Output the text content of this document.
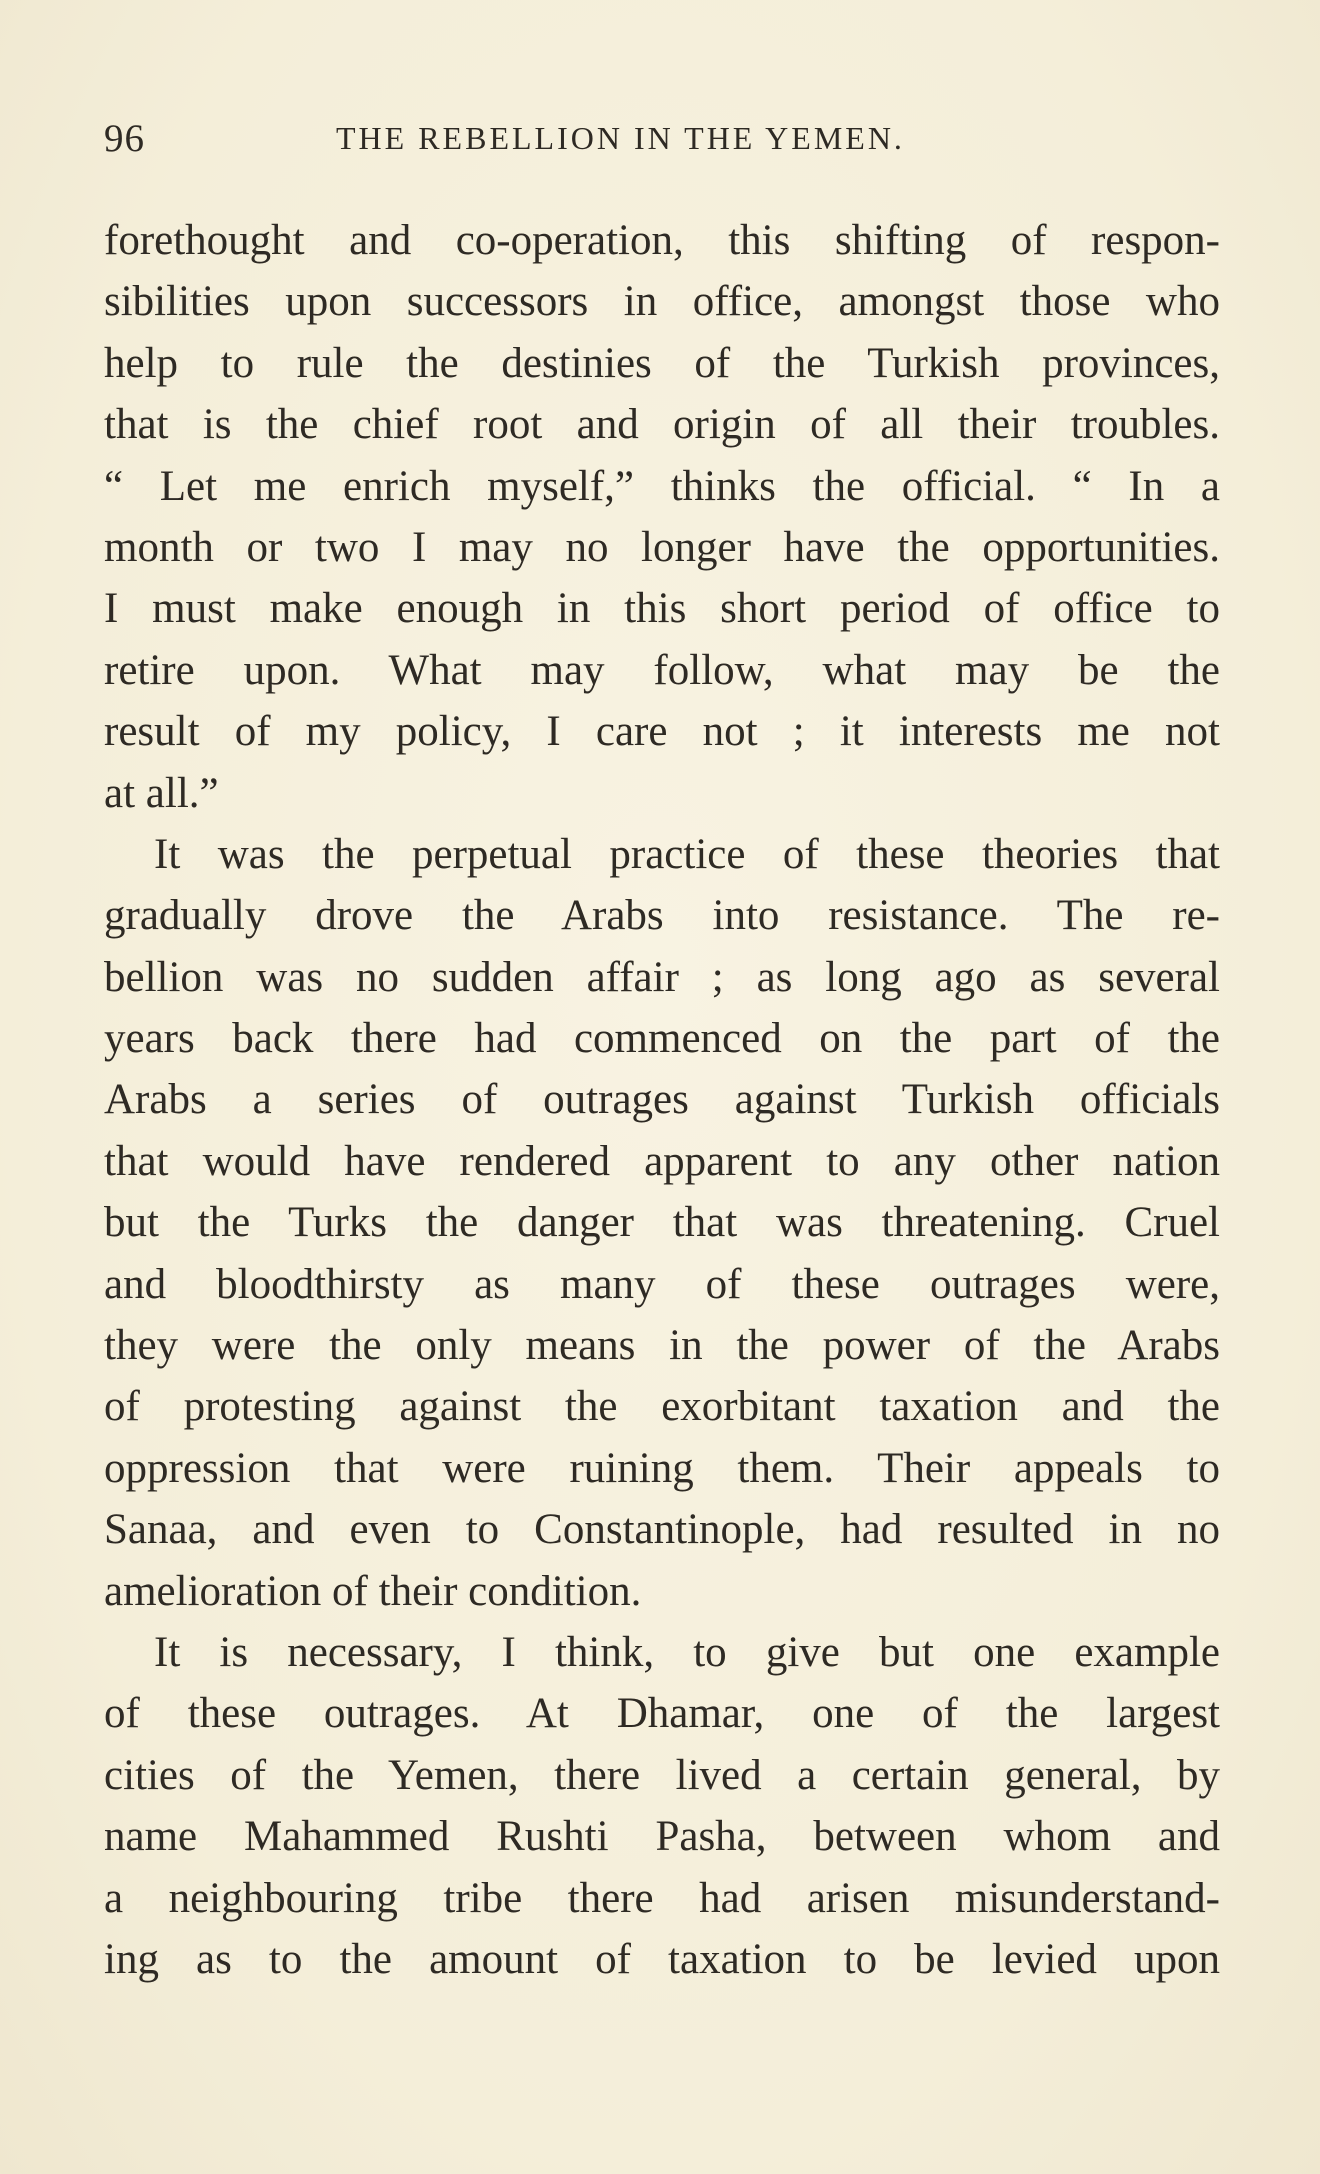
96	THE REBELLION IN THE YEMEN.
forethought and co-operation, this shifting of respon-
sibilities upon successors in office, amongst those who
help to rule the destinies of the Turkish provinces,
that is the chief root and origin of all their troubles.
“ Let me enrich myself,” thinks the official. “ In a
month or two I may no longer have the opportunities.
I must make enough in this short period of office to
retire upon. What may follow, what may be the
result of my policy, I care not ; it interests me not
at all.”
It was the perpetual practice of these theories that
gradually drove the Arabs into resistance. The re-
bellion was no sudden affair ; as long ago as several
years back there had commenced on the part of the
Arabs a series of outrages against Turkish officials
that would have rendered apparent to any other nation
but the Turks the danger that was threatening. Cruel
and bloodthirsty as many of these outrages were,
they were the only means in the power of the Arabs
of protesting against the exorbitant taxation and the
oppression that were ruining them. Their appeals to
Sanaa, and even to Constantinople, had resulted in no
amelioration of their condition.
It is necessary, I think, to give but one example
of these outrages. At Dhamar, one of the largest
cities of the Yemen, there lived a certain general, by
name Mahammed Rushti Pasha, between whom and
a neighbouring tribe there had arisen misunderstand-
ing as to the amount of taxation to be levied upon
